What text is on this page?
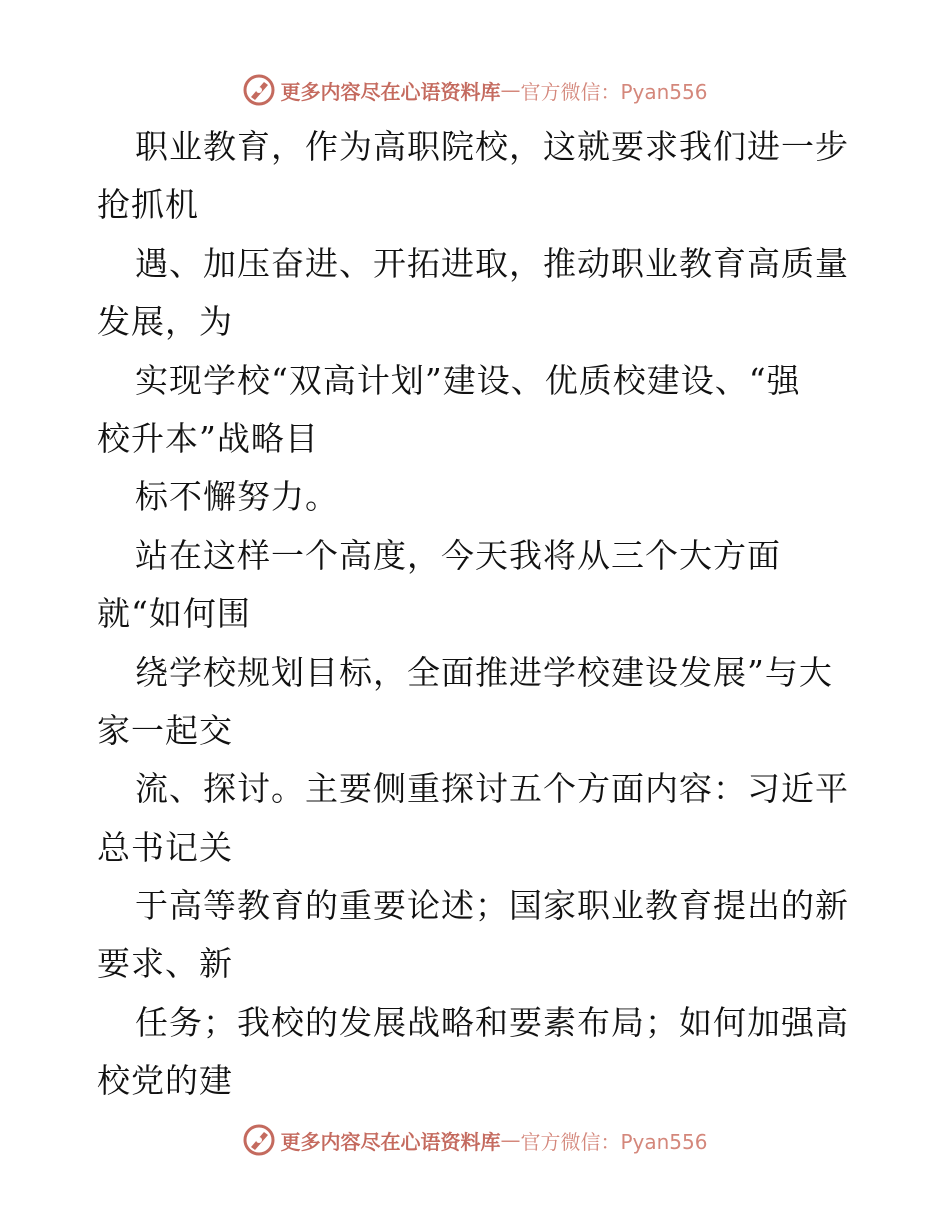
更多内容尽在心语资料库 — 官方微信：Pyan556
职业教育，作为高职院校，这就要求我们进一步
抢抓机
遇、加压奋进、开拓进取，推动职业教育高质量
发展，为
实现学校“双高计划”建设、优质校建设、“强
校升本”战略目
标不懈努力。
站在这样一个高度，今天我将从三个大方面
就“如何围
绕学校规划目标，全面推进学校建设发展”与大
家一起交
流、探讨。主要侧重探讨五个方面内容：习近平
总书记关
于高等教育的重要论述；国家职业教育提出的新
要求、新
任务；我校的发展战略和要素布局；如何加强高
校党的建
更多内容尽在心语资料库 — 官方微信：Pyan556
